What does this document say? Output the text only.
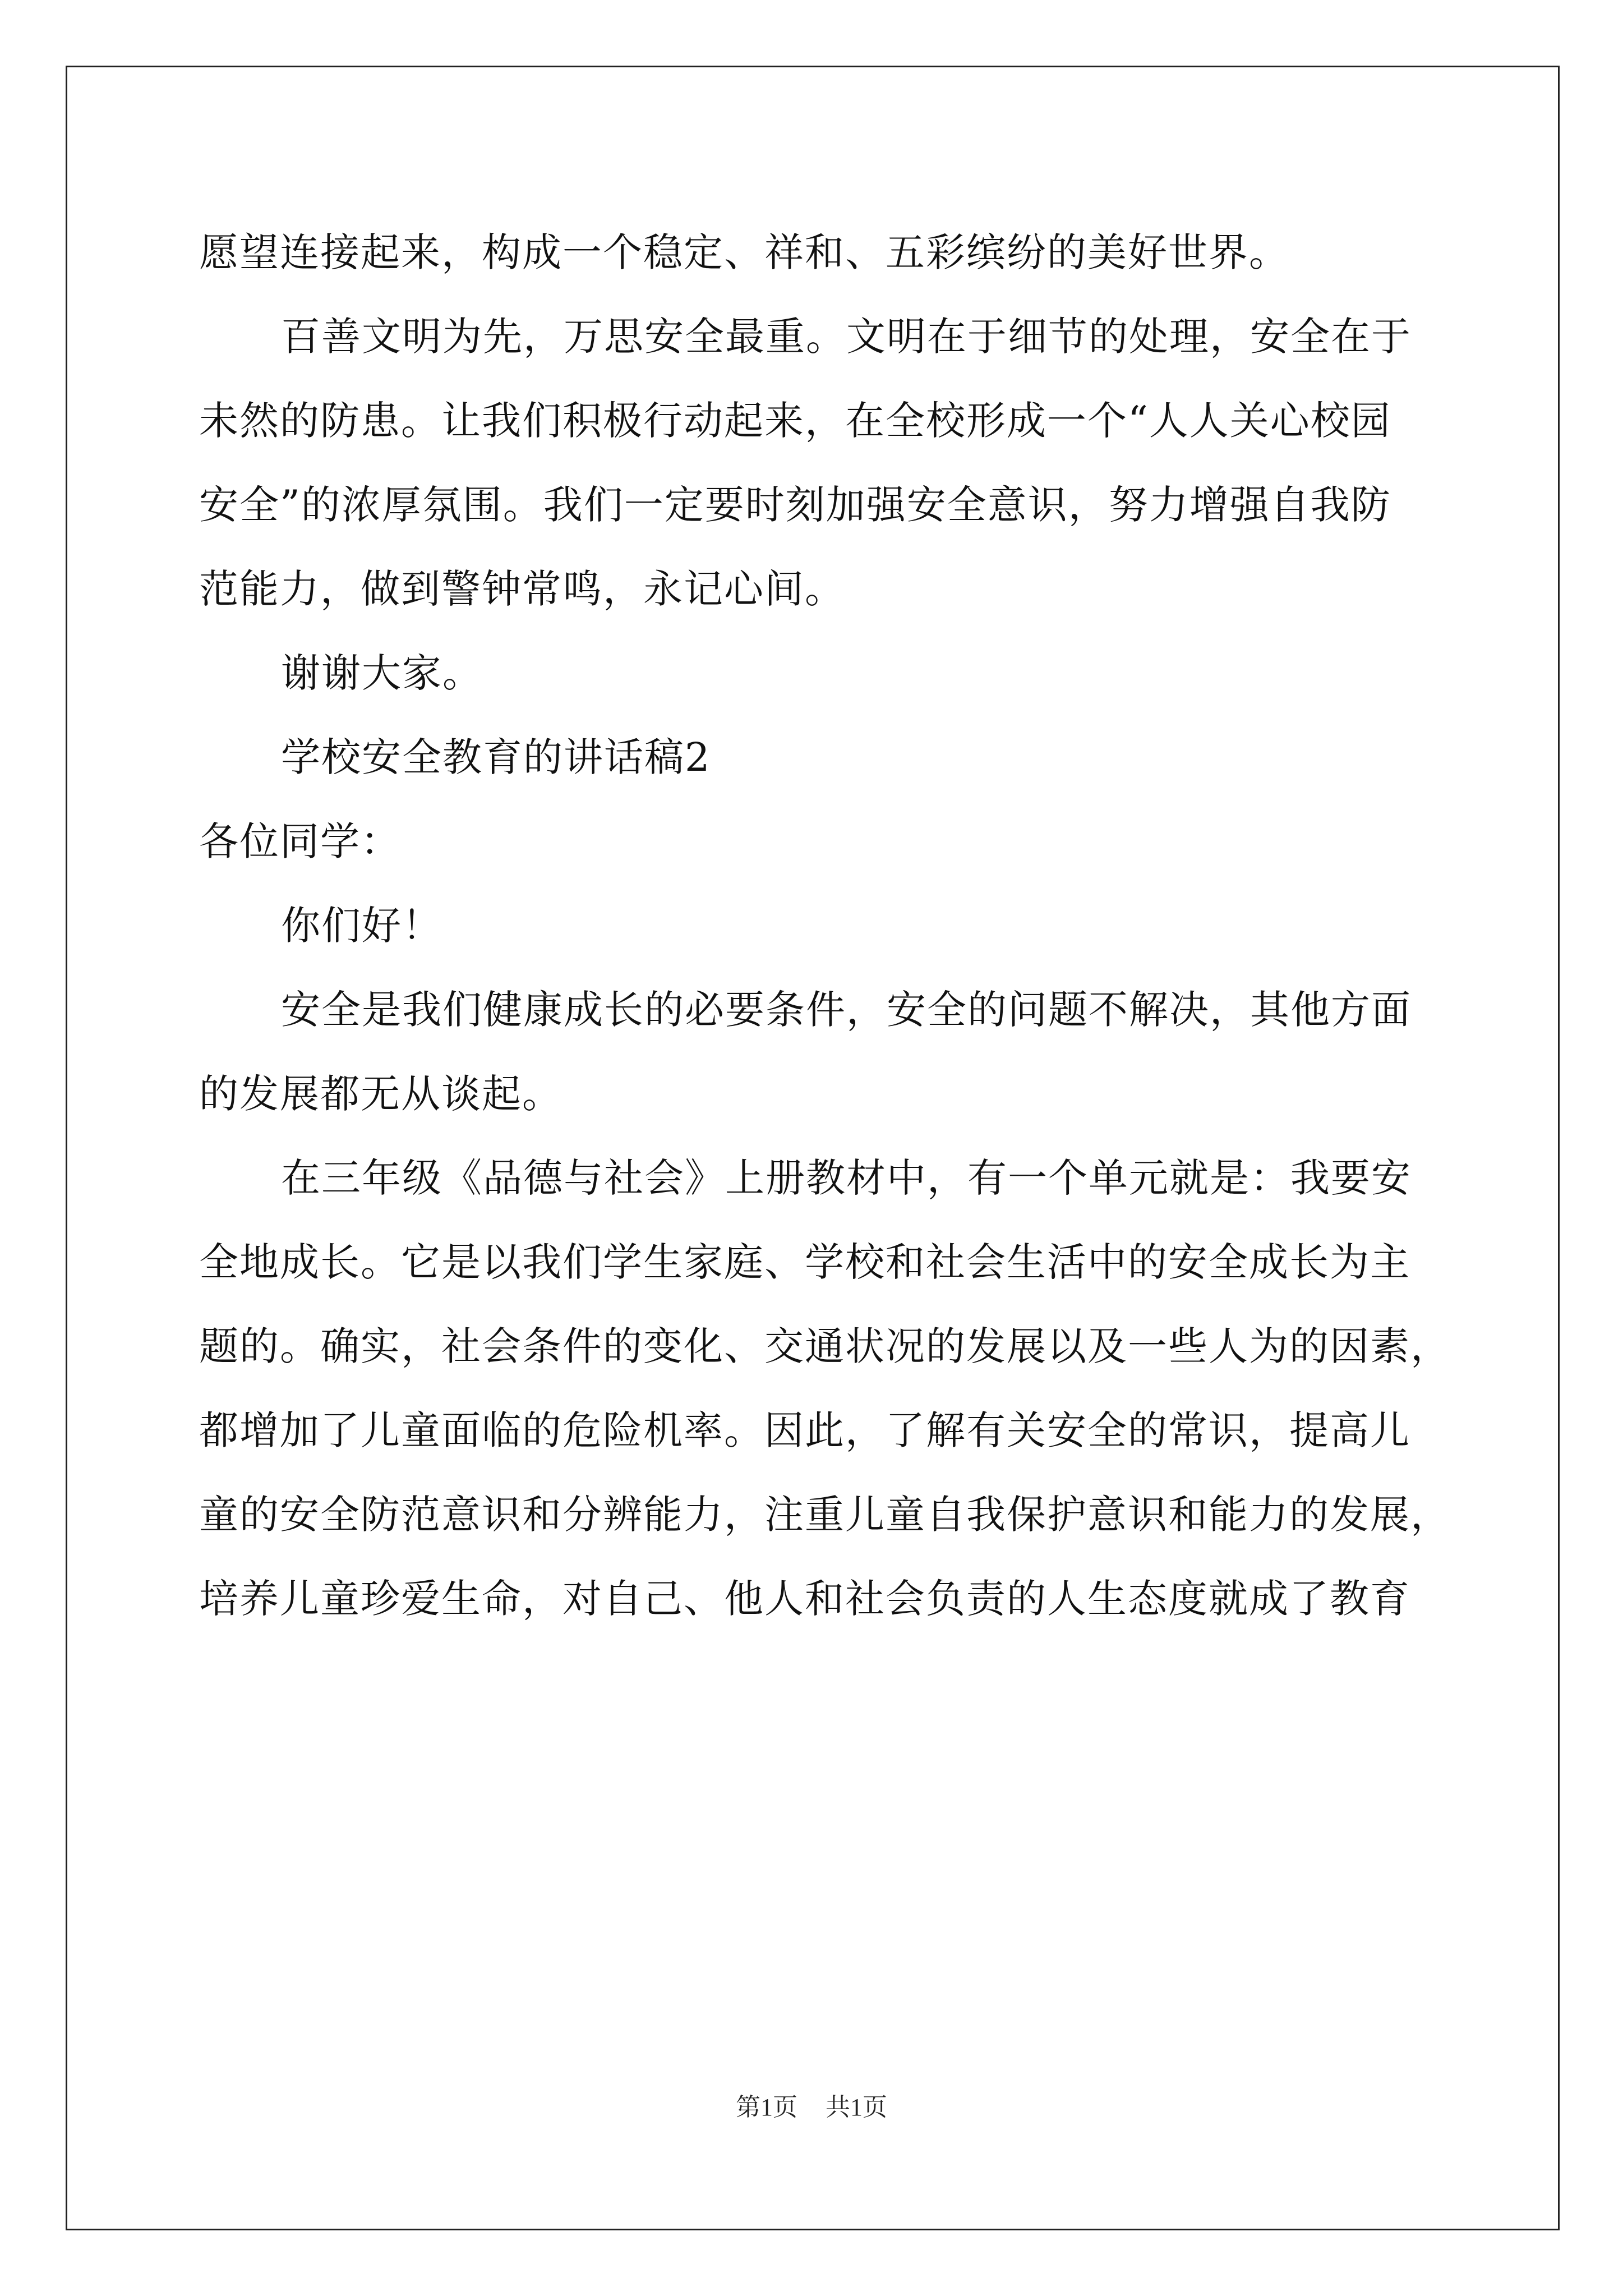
愿望连接起来，构成一个稳定、祥和、五彩缤纷的美好世界。
百善文明为先，万思安全最重。文明在于细节的处理，安全在于
未然的防患。让我们积极行动起来，在全校形成一个“人人关心校园
安全”的浓厚氛围。我们一定要时刻加强安全意识，努力增强自我防
范能力，做到警钟常鸣，永记心间。
谢谢大家。
学校安全教育的讲话稿2
各位同学：
你们好！
安全是我们健康成长的必要条件，安全的问题不解决，其他方面
的发展都无从谈起。
在三年级《品德与社会》上册教材中，有一个单元就是：我要安
全地成长。它是以我们学生家庭、学校和社会生活中的安全成长为主
题的。确实，社会条件的变化、交通状况的发展以及一些人为的因素，
都增加了儿童面临的危险机率。因此，了解有关安全的常识，提高儿
童的安全防范意识和分辨能力，注重儿童自我保护意识和能力的发展，
培养儿童珍爱生命，对自己、他人和社会负责的人生态度就成了教育
第1页 共1页
